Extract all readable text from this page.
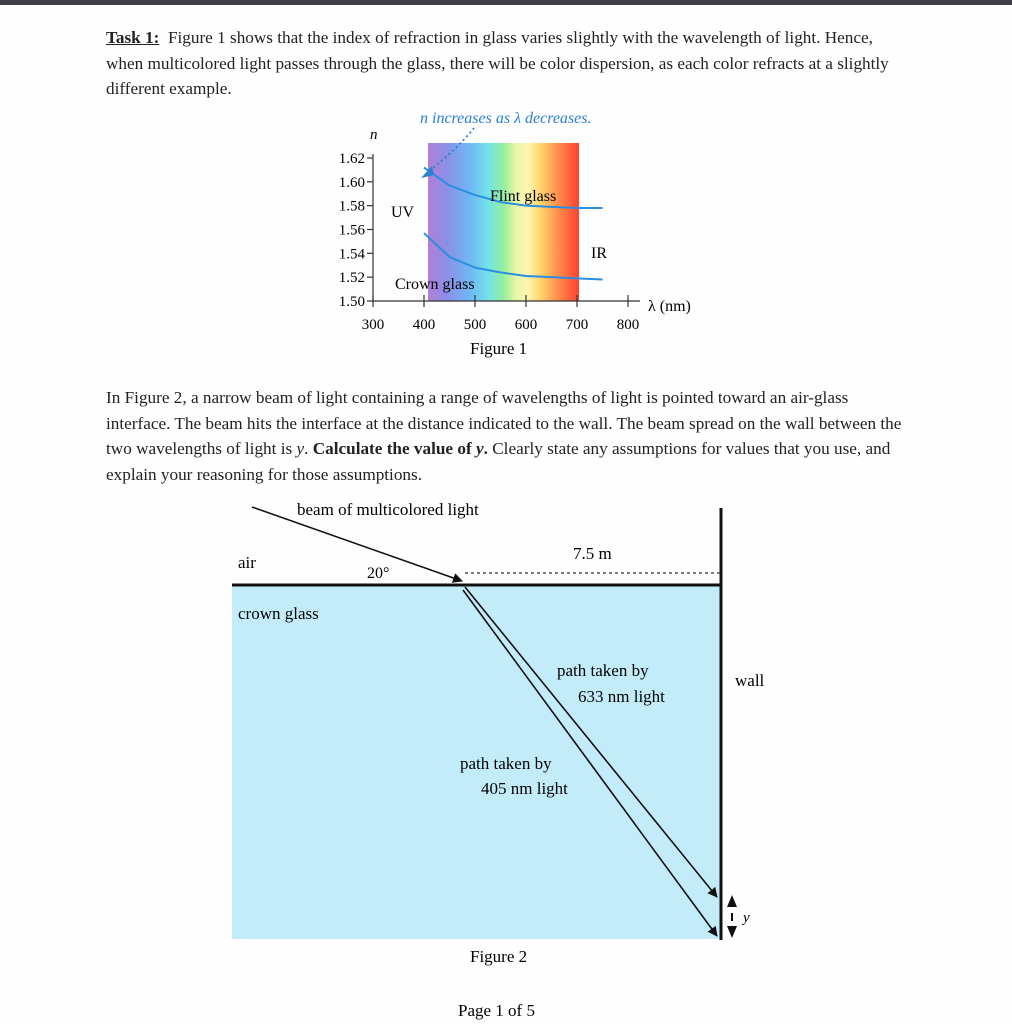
Task 1: Figure 1 shows that the index of refraction in glass varies slightly with the wavelength of light. Hence, when multicolored light passes through the glass, there will be color dispersion, as each color refracts at a slightly different example.
1.62
1.60
1.58
1.56
1.54
1.52
1.50
300 400 500 600 700 800
UV
IR
Flint glass
Crown glass
n
λ (nm)
n increases as λ decreases.
Figure 1
In Figure 2, a narrow beam of light containing a range of wavelengths of light is pointed toward an air-glass interface. The beam hits the interface at the distance indicated to the wall. The beam spread on the wall between the two wavelengths of light is y. Calculate the value of y. Clearly state any assumptions for values that you use, and explain your reasoning for those assumptions.
beam of multicolored light
air
20°
7.5 m
crown glass
path taken by
633 nm light
path taken by
405 nm light
wall
y
Figure 2
Page 1 of 5
